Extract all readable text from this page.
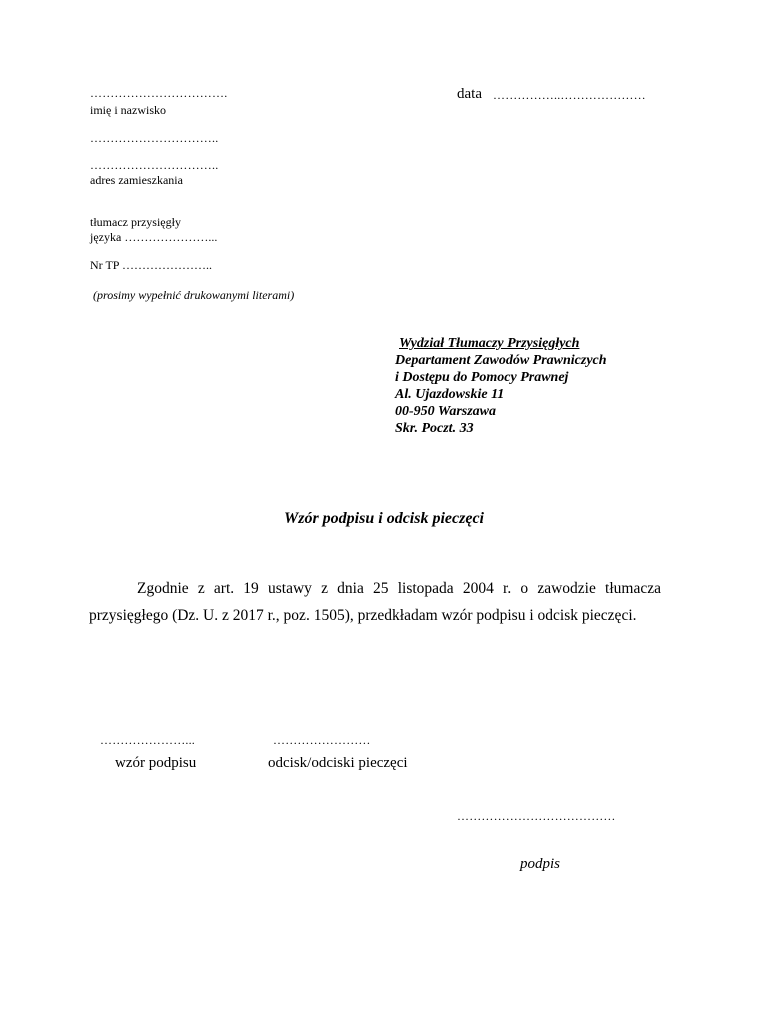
…………………………….
imię i nazwisko
data ……………..…………………
…………………………..
…………………………..
adres zamieszkania
tłumacz przysięgły
języka …………………...
Nr TP …………………..
(prosimy wypełnić drukowanymi literami)
Wydział Tłumaczy Przysięgłych
Departament Zawodów Prawniczych
i Dostępu do Pomocy Prawnej
Al. Ujazdowskie 11
00-950 Warszawa
Skr. Poczt. 33
Wzór podpisu i odcisk pieczęci
Zgodnie z art. 19 ustawy z dnia 25 listopada 2004 r. o zawodzie tłumacza przysięgłego (Dz. U. z 2017 r., poz. 1505), przedkładam wzór podpisu i odcisk pieczęci.
…………………...
wzór podpisu
……………………
odcisk/odciski pieczęci
…………………………………
podpis
